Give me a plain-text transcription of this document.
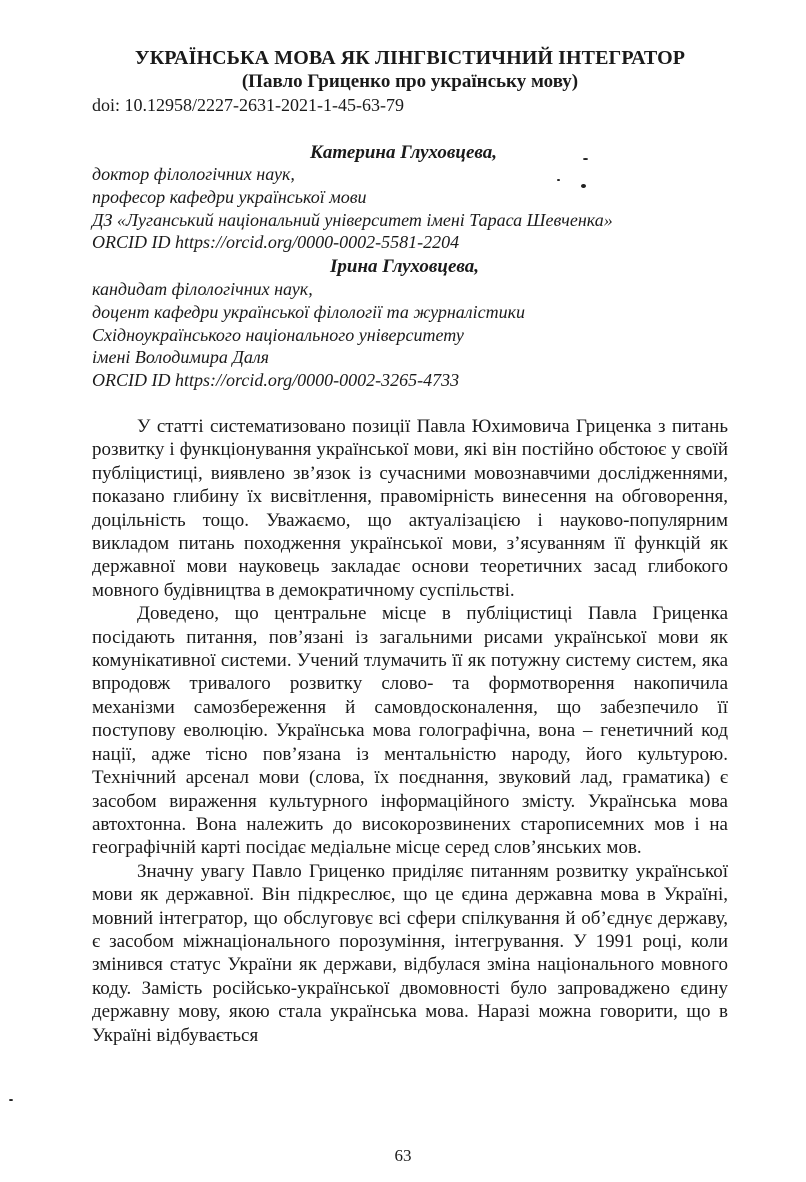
УКРАЇНСЬКА МОВА ЯК ЛІНГВІСТИЧНИЙ ІНТЕГРАТОР
(Павло Гриценко про українську мову)
doi: 10.12958/2227-2631-2021-1-45-63-79
Катерина Глуховцева,
доктор філологічних наук,
професор кафедри української мови
ДЗ «Луганський національний університет імені Тараса Шевченка»
ORCID ID https://orcid.org/0000-0002-5581-2204
Ірина Глуховцева,
кандидат філологічних наук,
доцент кафедри української філології та журналістики
Східноукраїнського національного університету
імені Володимира Даля
ORCID ID https://orcid.org/0000-0002-3265-4733

У статті систематизовано позиції Павла Юхимовича Гриценка з питань розвитку і функціонування української мови, які він постійно обстоює у своїй публіцистиці, виявлено зв’язок із сучасними мовознавчими дослідженнями, показано глибину їх висвітлення, правомірність винесення на обговорення, доцільність тощо. Уважаємо, що актуалізацією і науково-популярним викладом питань походження української мови, з’ясуванням її функцій як державної мови науковець закладає основи теоретичних засад глибокого мовного будівництва в демократичному суспільстві.

Доведено, що центральне місце в публіцистиці Павла Гриценка посідають питання, пов’язані із загальними рисами української мови як комунікативної системи. Учений тлумачить її як потужну систему систем, яка впродовж тривалого розвитку слово- та формотворення накопичила механізми самозбереження й самовдосконалення, що забезпечило її поступову еволюцію. Українська мова голографічна, вона – генетичний код нації, адже тісно пов’язана із ментальністю народу, його культурою. Технічний арсенал мови (слова, їх поєднання, звуковий лад, граматика) є засобом вираження культурного інформаційного змісту. Українська мова автохтонна. Вона належить до високорозвинених старописемних мов і на географічній карті посідає медіальне місце серед слов’янських мов.

Значну увагу Павло Гриценко приділяє питанням розвитку української мови як державної. Він підкреслює, що це єдина державна мова в Україні, мовний інтегратор, що обслуговує всі сфери спілкування й об’єднує державу, є засобом міжнаціонального порозуміння, інтегрування. У 1991 році, коли змінився статус України як держави, відбулася зміна національного мовного коду. Замість російсько-української двомовності було запроваджено єдину державну мову, якою стала українська мова. Наразі можна говорити, що в Україні відбувається

63
